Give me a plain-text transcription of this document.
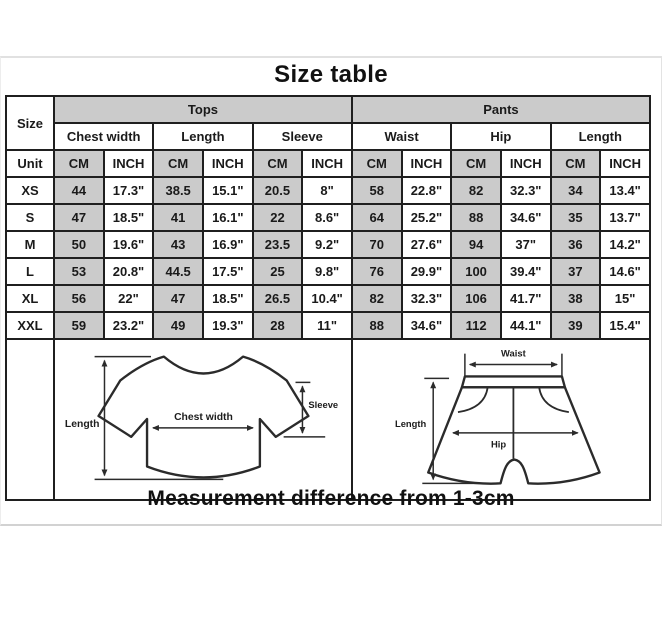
Size table
Size	Tops						Pants					
	Chest width		Length		Sleeve		Waist		Hip		Length	
Unit	CM	INCH	CM	INCH	CM	INCH	CM	INCH	CM	INCH	CM	INCH
XS	44	17.3"	38.5	15.1"	20.5	8"	58	22.8"	82	32.3"	34	13.4"
S	47	18.5"	41	16.1"	22	8.6"	64	25.2"	88	34.6"	35	13.7"
M	50	19.6"	43	16.9"	23.5	9.2"	70	27.6"	94	37"	36	14.2"
L	53	20.8"	44.5	17.5"	25	9.8"	76	29.9"	100	39.4"	37	14.6"
XL	56	22"	47	18.5"	26.5	10.4"	82	32.3"	106	41.7"	38	15"
XXL	59	23.2"	49	19.3"	28	11"	88	34.6"	112	44.1"	39	15.4"

Length
Chest width
Sleeve						Waist
Length
Hip					
Measurement difference from 1-3cm
